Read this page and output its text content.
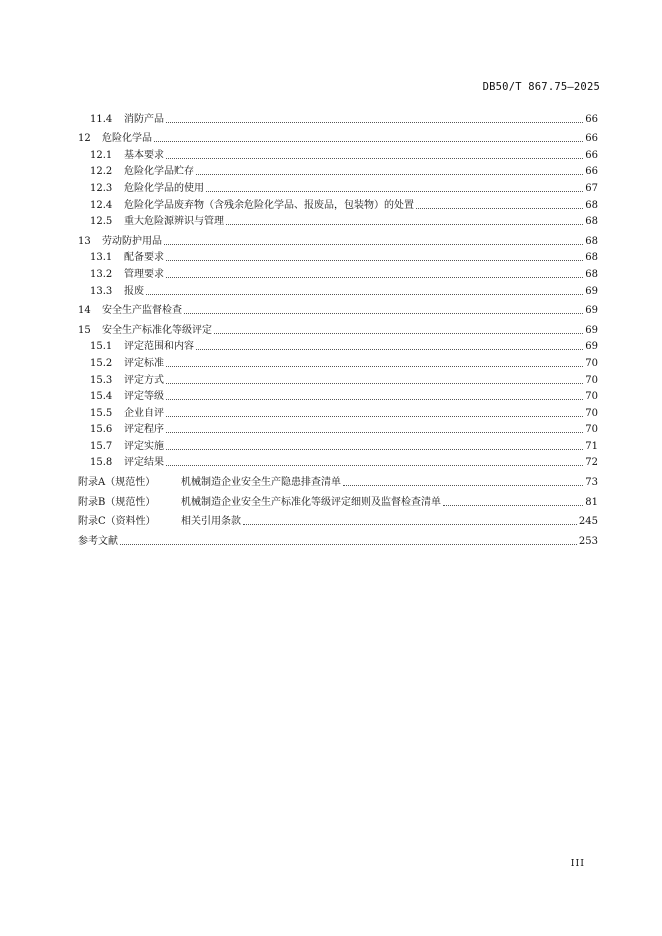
DB50/T 867.75—2025
11.4	消防产品	66
12	危险化学品	66
12.1	基本要求	66
12.2	危险化学品贮存	66
12.3	危险化学品的使用	67
12.4	危险化学品废弃物（含残余危险化学品、报废品，包装物）的处置	68
12.5	重大危险源辨识与管理	68
13	劳动防护用品	68
13.1	配备要求	68
13.2	管理要求	68
13.3	报废	69
14	安全生产监督检查	69
15	安全生产标准化等级评定	69
15.1	评定范围和内容	69
15.2	评定标准	70
15.3	评定方式	70
15.4	评定等级	70
15.5	企业自评	70
15.6	评定程序	70
15.7	评定实施	71
15.8	评定结果	72
附录A（规范性）	机械制造企业安全生产隐患排查清单	73
附录B（规范性）	机械制造企业安全生产标准化等级评定细则及监督检查清单	81
附录C（资料性）	相关引用条款	245
参考文献	253
III
